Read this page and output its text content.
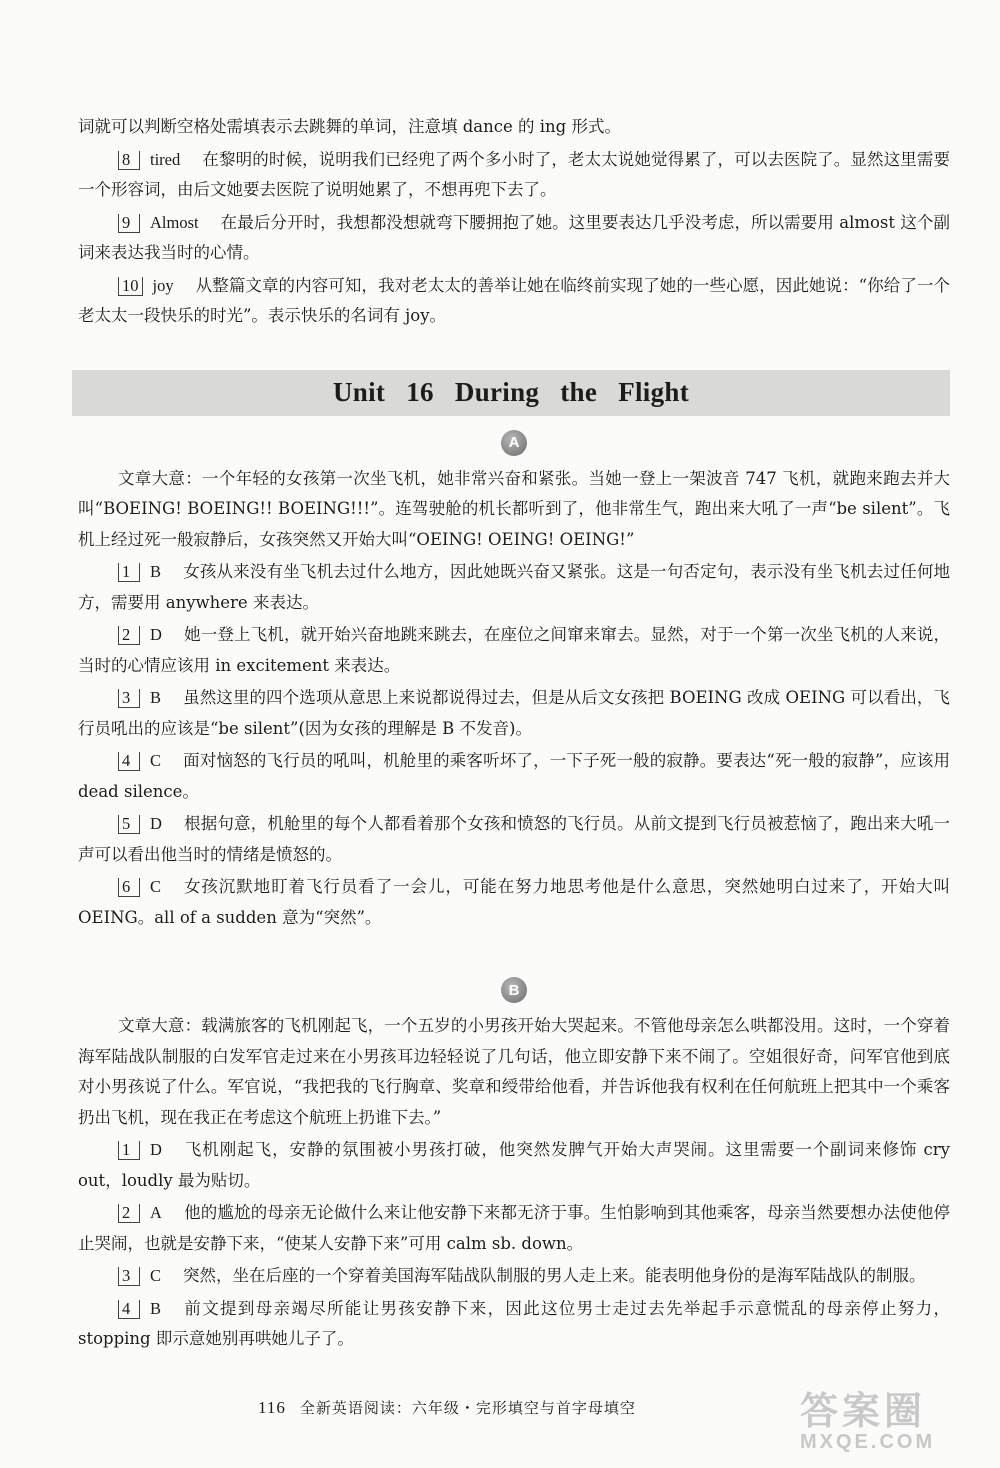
词就可以判断空格处需填表示去跳舞的单词，注意填 dance 的 ing 形式。

8 tired 在黎明的时候，说明我们已经兜了两个多小时了，老太太说她觉得累了，可以去医院了。显然这里需要一个形容词，由后文她要去医院了说明她累了，不想再兜下去了。

9 Almost 在最后分开时，我想都没想就弯下腰拥抱了她。这里要表达几乎没考虑，所以需要用 almost 这个副词来表达我当时的心情。

10 joy 从整篇文章的内容可知，我对老太太的善举让她在临终前实现了她的一些心愿，因此她说：“你给了一个老太太一段快乐的时光”。表示快乐的名词有 joy。

Unit 16 During the Flight
A

文章大意：一个年轻的女孩第一次坐飞机，她非常兴奋和紧张。当她一登上一架波音 747 飞机，就跑来跑去并大叫“BOEING! BOEING!! BOEING!!!”。连驾驶舱的机长都听到了，他非常生气，跑出来大吼了一声“be silent”。飞机上经过死一般寂静后，女孩突然又开始大叫“OEING! OEING! OEING!”

1 B 女孩从来没有坐飞机去过什么地方，因此她既兴奋又紧张。这是一句否定句，表示没有坐飞机去过任何地方，需要用 anywhere 来表达。

2 D 她一登上飞机，就开始兴奋地跳来跳去，在座位之间窜来窜去。显然，对于一个第一次坐飞机的人来说，当时的心情应该用 in excitement 来表达。

3 B 虽然这里的四个选项从意思上来说都说得过去，但是从后文女孩把 BOEING 改成 OEING 可以看出，飞行员吼出的应该是“be silent”(因为女孩的理解是 B 不发音)。

4 C 面对恼怒的飞行员的吼叫，机舱里的乘客听坏了，一下子死一般的寂静。要表达“死一般的寂静”，应该用 dead silence。

5 D 根据句意，机舱里的每个人都看着那个女孩和愤怒的飞行员。从前文提到飞行员被惹恼了，跑出来大吼一声可以看出他当时的情绪是愤怒的。

6 C 女孩沉默地盯着飞行员看了一会儿，可能在努力地思考他是什么意思，突然她明白过来了，开始大叫 OEING。all of a sudden 意为“突然”。

B

文章大意：载满旅客的飞机刚起飞，一个五岁的小男孩开始大哭起来。不管他母亲怎么哄都没用。这时，一个穿着海军陆战队制服的白发军官走过来在小男孩耳边轻轻说了几句话，他立即安静下来不闹了。空姐很好奇，问军官他到底对小男孩说了什么。军官说，“我把我的飞行胸章、奖章和绶带给他看，并告诉他我有权利在任何航班上把其中一个乘客扔出飞机，现在我正在考虑这个航班上扔谁下去。”

1 D 飞机刚起飞，安静的氛围被小男孩打破，他突然发脾气开始大声哭闹。这里需要一个副词来修饰 cry out，loudly 最为贴切。

2 A 他的尴尬的母亲无论做什么来让他安静下来都无济于事。生怕影响到其他乘客，母亲当然要想办法使他停止哭闹，也就是安静下来，“使某人安静下来”可用 calm sb. down。

3 C 突然，坐在后座的一个穿着美国海军陆战队制服的男人走上来。能表明他身份的是海军陆战队的制服。

4 B 前文提到母亲竭尽所能让男孩安静下来，因此这位男士走过去先举起手示意慌乱的母亲停止努力，stopping 即示意她别再哄她儿子了。

116 全新英语阅读：六年级・完形填空与首字母填空	答案圈
MXQE.COM
